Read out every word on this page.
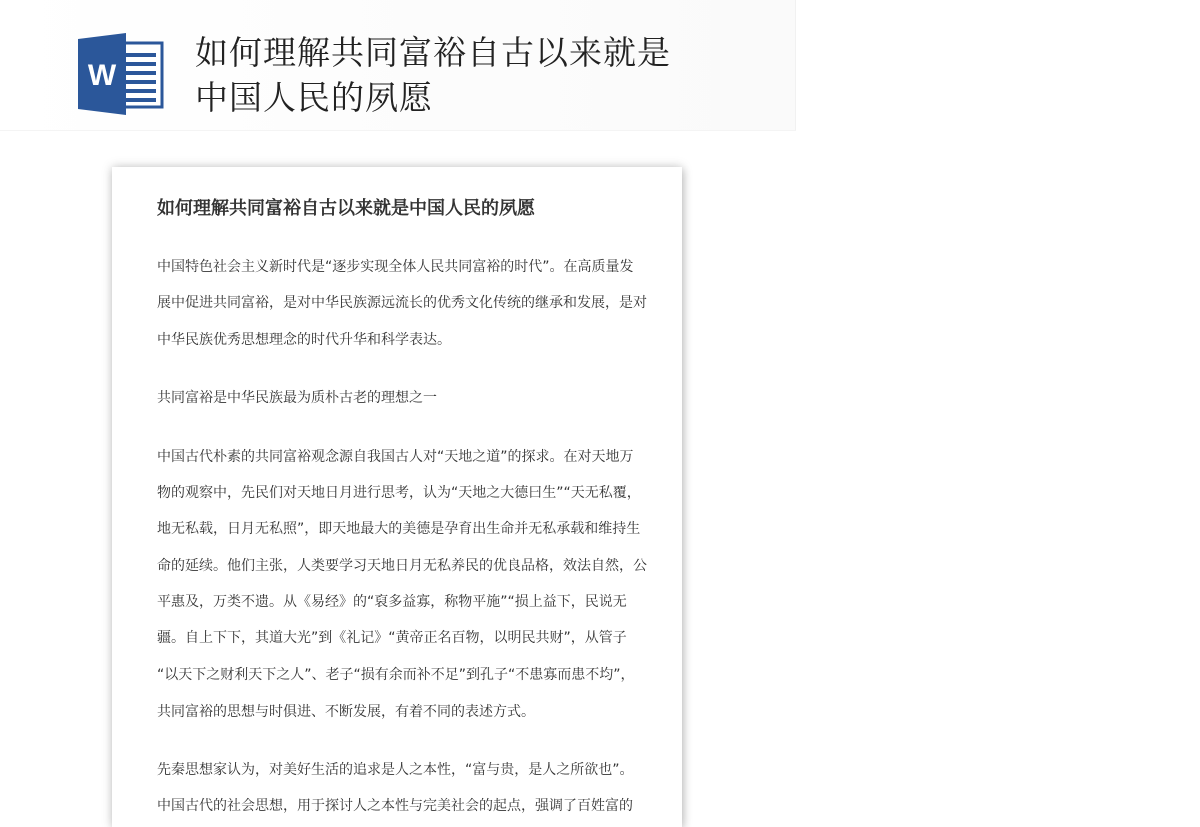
W
如何理解共同富裕自古以来就是
中国人民的夙愿
如何理解共同富裕自古以来就是中国人民的夙愿
中国特色社会主义新时代是“逐步实现全体人民共同富裕的时代”。在高质量发
展中促进共同富裕，是对中华民族源远流长的优秀文化传统的继承和发展，是对
中华民族优秀思想理念的时代升华和科学表达。
共同富裕是中华民族最为质朴古老的理想之一
中国古代朴素的共同富裕观念源自我国古人对“天地之道”的探求。在对天地万
物的观察中，先民们对天地日月进行思考，认为“天地之大德曰生”“天无私覆，
地无私载，日月无私照”，即天地最大的美德是孕育出生命并无私承载和维持生
命的延续。他们主张，人类要学习天地日月无私养民的优良品格，效法自然，公
平惠及，万类不遗。从《易经》的“裒多益寡，称物平施”“损上益下，民说无
疆。自上下下，其道大光”到《礼记》“黄帝正名百物，以明民共财”，从管子
“以天下之财利天下之人”、老子“损有余而补不足”到孔子“不患寡而患不均”，
共同富裕的思想与时俱进、不断发展，有着不同的表述方式。
先秦思想家认为，对美好生活的追求是人之本性，“富与贵，是人之所欲也”。
中国古代的社会思想，用于探讨人之本性与完美社会的起点，强调了百姓富的
